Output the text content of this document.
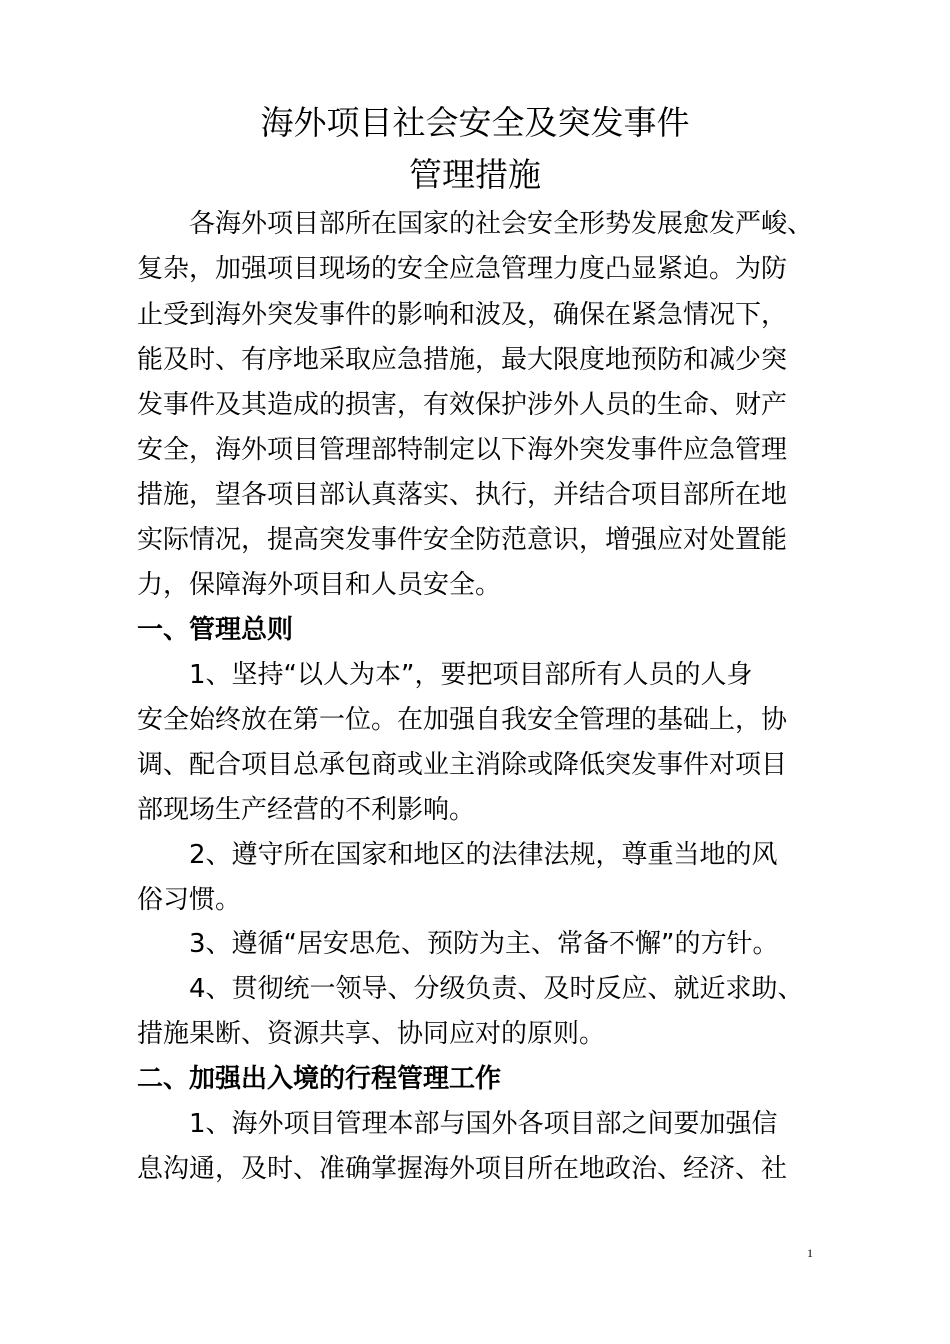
海外项目社会安全及突发事件
管理措施

各海外项目部所在国家的社会安全形势发展愈发严峻、

复杂，加强项目现场的安全应急管理力度凸显紧迫。为防

止受到海外突发事件的影响和波及，确保在紧急情况下，

能及时、有序地采取应急措施，最大限度地预防和减少突

发事件及其造成的损害，有效保护涉外人员的生命、财产

安全，海外项目管理部特制定以下海外突发事件应急管理

措施，望各项目部认真落实、执行，并结合项目部所在地

实际情况，提高突发事件安全防范意识，增强应对处置能

力，保障海外项目和人员安全。

一、管理总则

1、坚持“以人为本”，要把项目部所有人员的人身

安全始终放在第一位。在加强自我安全管理的基础上，协

调、配合项目总承包商或业主消除或降低突发事件对项目

部现场生产经营的不利影响。

2、遵守所在国家和地区的法律法规，尊重当地的风

俗习惯。

3、遵循“居安思危、预防为主、常备不懈”的方针。

4、贯彻统一领导、分级负责、及时反应、就近求助、

措施果断、资源共享、协同应对的原则。

二、加强出入境的行程管理工作

1、海外项目管理本部与国外各项目部之间要加强信

息沟通，及时、准确掌握海外项目所在地政治、经济、社

1
